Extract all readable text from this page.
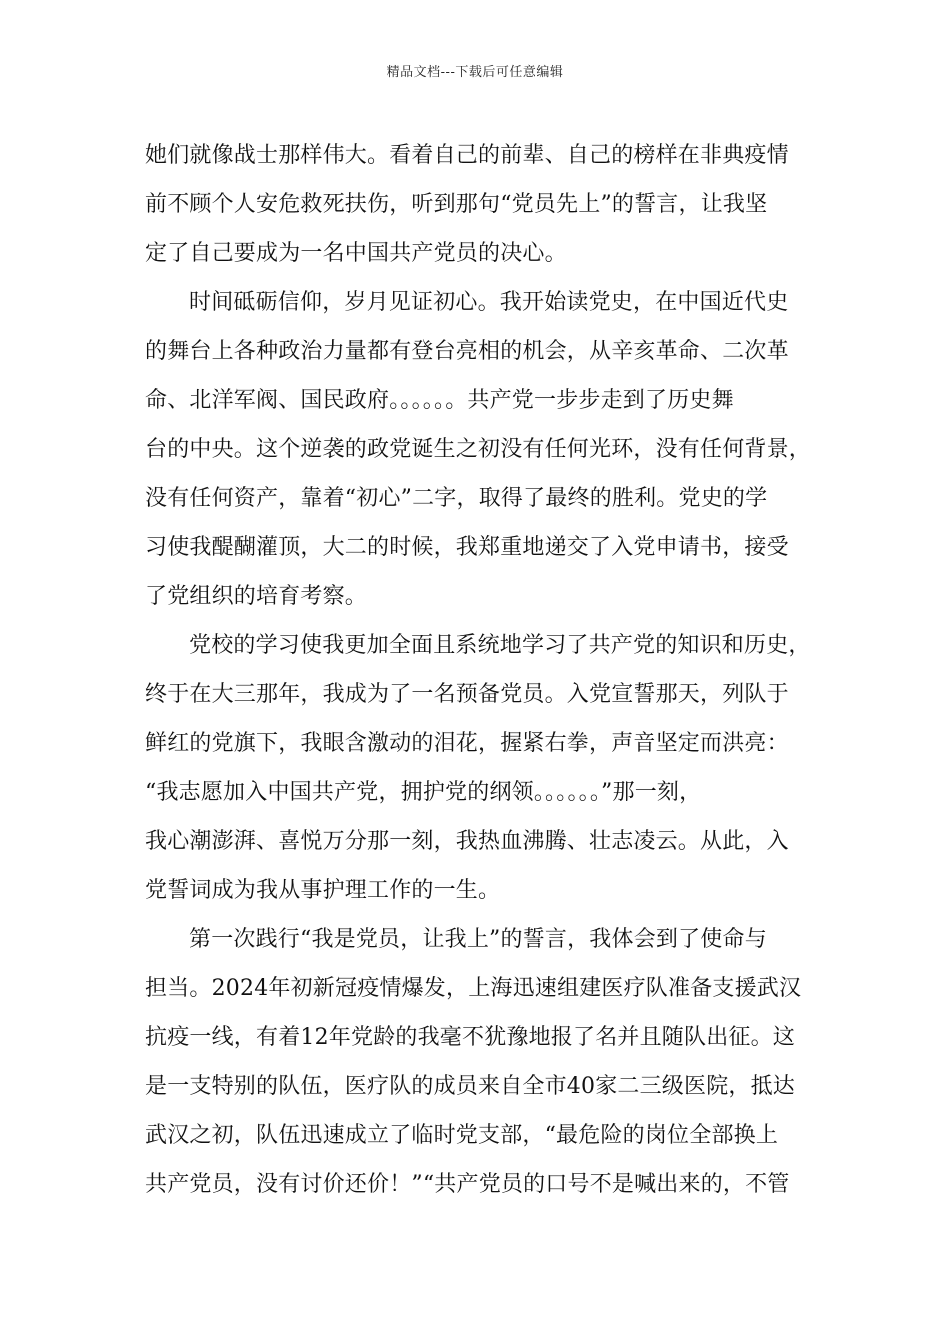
精品文档---下载后可任意编辑
她们就像战士那样伟大。看着自己的前辈、自己的榜样在非典疫情
前不顾个人安危救死扶伤，听到那句“党员先上”的誓言，让我坚
定了自己要成为一名中国共产党员的决心。
时间砥砺信仰，岁月见证初心。我开始读党史，在中国近代史
的舞台上各种政治力量都有登台亮相的机会，从辛亥革命、二次革
命、北洋军阀、国民政府。。。。。。共产党一步步走到了历史舞
台的中央。这个逆袭的政党诞生之初没有任何光环，没有任何背景，
没有任何资产，靠着“初心”二字，取得了最终的胜利。党史的学
习使我醍醐灌顶，大二的时候，我郑重地递交了入党申请书，接受
了党组织的培育考察。
党校的学习使我更加全面且系统地学习了共产党的知识和历史，
终于在大三那年，我成为了一名预备党员。入党宣誓那天，列队于
鲜红的党旗下，我眼含激动的泪花，握紧右拳，声音坚定而洪亮：
“我志愿加入中国共产党，拥护党的纲领。。。。。。”那一刻，
我心潮澎湃、喜悦万分那一刻，我热血沸腾、壮志凌云。从此，入
党誓词成为我从事护理工作的一生。
第一次践行“我是党员，让我上”的誓言，我体会到了使命与
担当。2024年初新冠疫情爆发，上海迅速组建医疗队准备支援武汉
抗疫一线，有着12年党龄的我毫不犹豫地报了名并且随队出征。这
是一支特别的队伍，医疗队的成员来自全市40家二三级医院，抵达
武汉之初，队伍迅速成立了临时党支部，“最危险的岗位全部换上
共产党员，没有讨价还价！”“共产党员的口号不是喊出来的，不管
